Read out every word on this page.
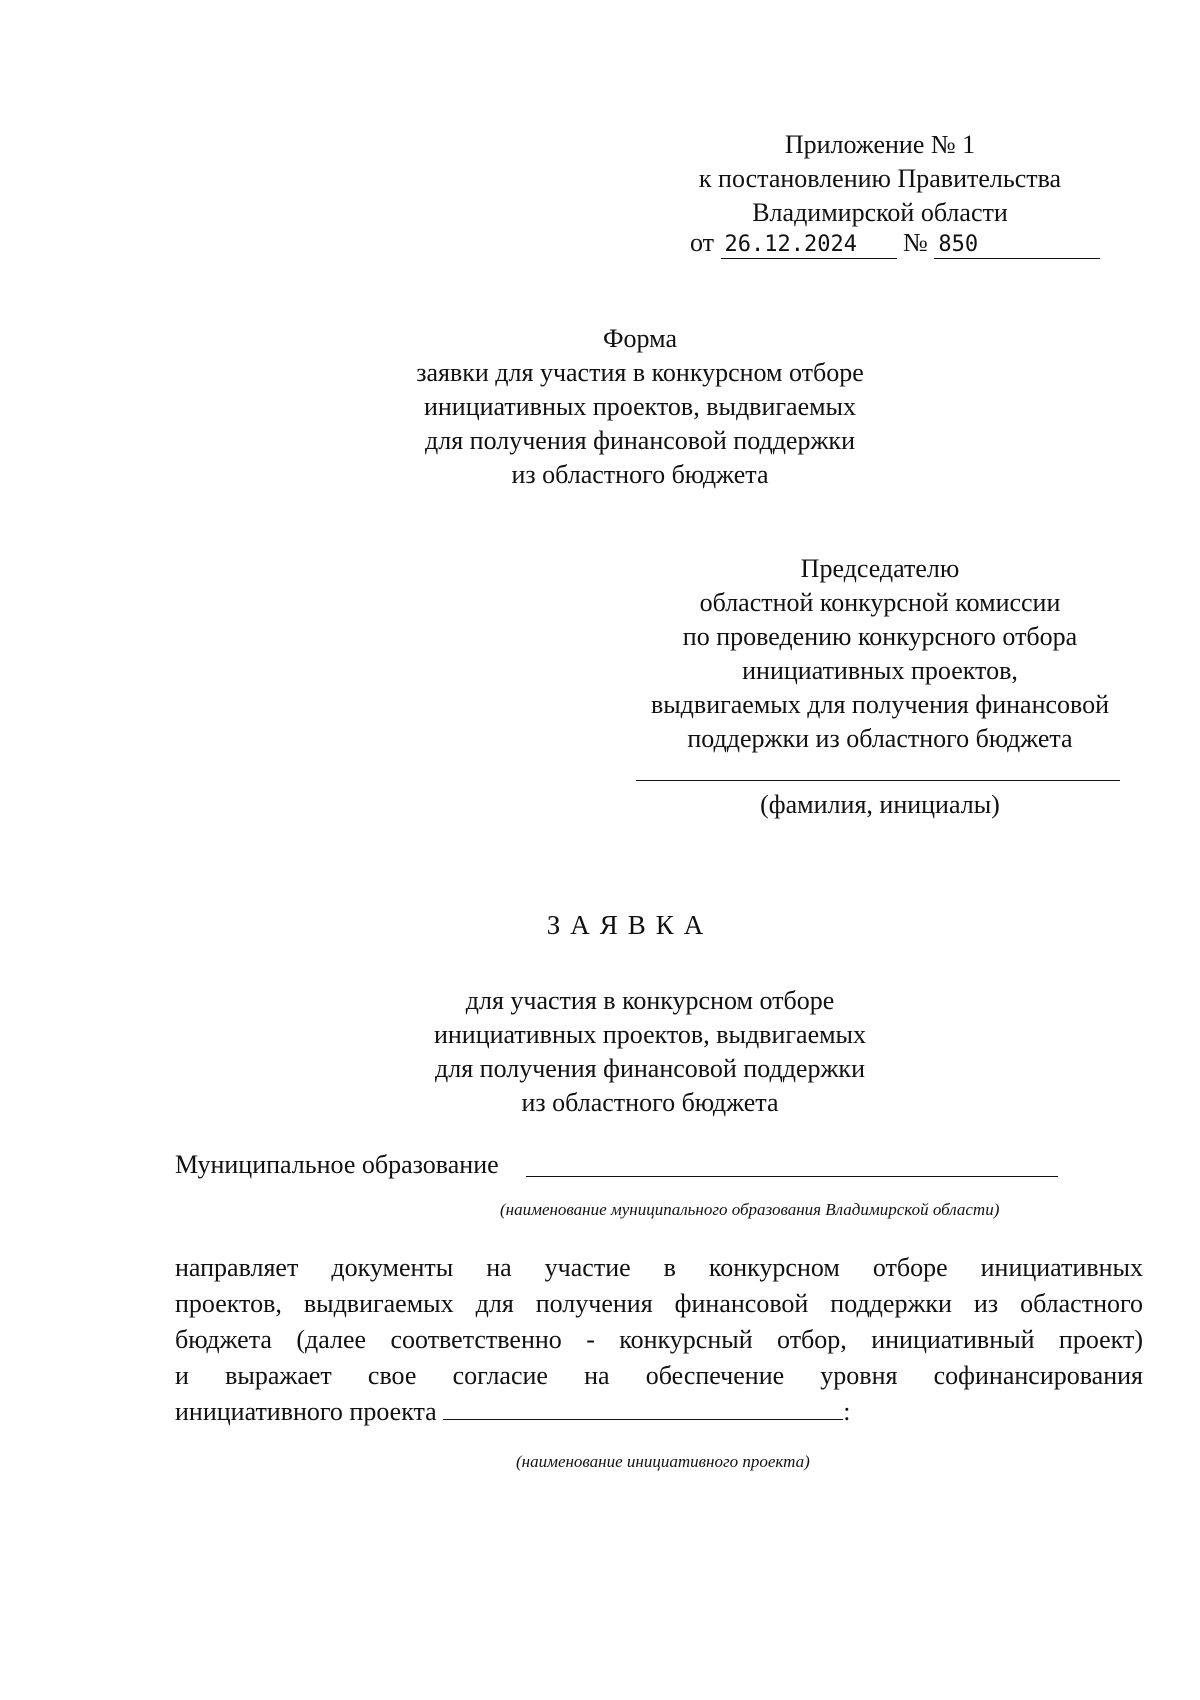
Приложение № 1
к постановлению Правительства
Владимирской области
от 26.12.2024 № 850
Форма
заявки для участия в конкурсном отборе
инициативных проектов, выдвигаемых
для получения финансовой поддержки
из областного бюджета
Председателю
областной конкурсной комиссии
по проведению конкурсного отбора
инициативных проектов,
выдвигаемых для получения финансовой
поддержки из областного бюджета
(фамилия, инициалы)
ЗАЯВКА
для участия в конкурсном отборе
инициативных проектов, выдвигаемых
для получения финансовой поддержки
из областного бюджета
Муниципальное образование
(наименование муниципального образования Владимирской области)
направляет документы на участие в конкурсном отборе инициативных
проектов, выдвигаемых для получения финансовой поддержки из областного
бюджета (далее соответственно - конкурсный отбор, инициативный проект)
и выражает свое согласие на обеспечение уровня софинансирования
инициативного проекта	:
(наименование инициативного проекта)
